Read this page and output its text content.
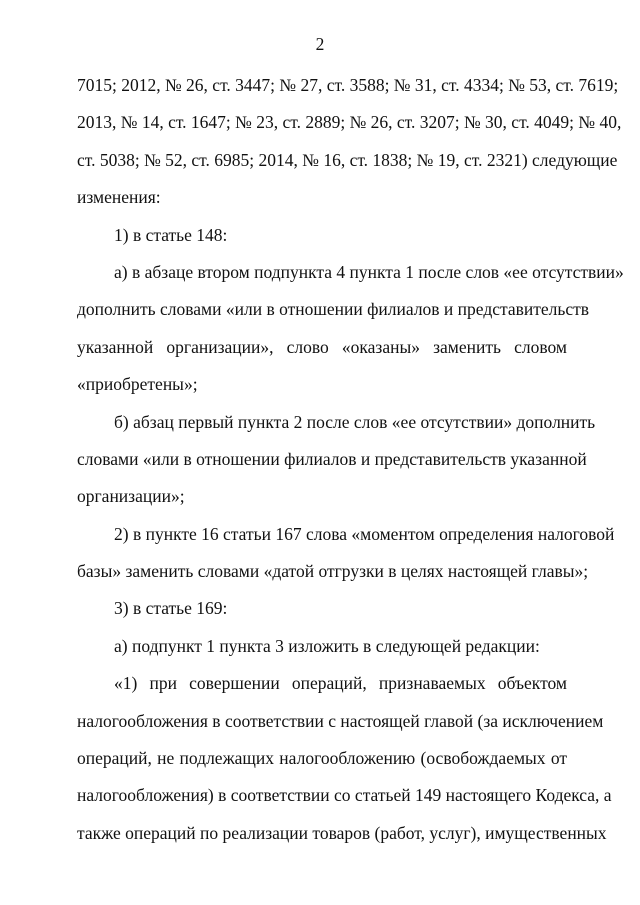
2
7015; 2012, № 26, ст. 3447; № 27, ст. 3588; № 31, ст. 4334; № 53, ст. 7619;
2013, № 14, ст. 1647; № 23, ст. 2889; № 26, ст. 3207; № 30, ст. 4049; № 40,
ст. 5038; № 52, ст. 6985; 2014, № 16, ст. 1838; № 19, ст. 2321) следующие
изменения:
1) в статье 148:
а) в абзаце втором подпункта 4 пункта 1 после слов «ее отсутствии»
дополнить словами «или в отношении филиалов и представительств
указанной организации», слово «оказаны» заменить словом
«приобретены»;
б) абзац первый пункта 2 после слов «ее отсутствии» дополнить
словами «или в отношении филиалов и представительств указанной
организации»;
2) в пункте 16 статьи 167 слова «моментом определения налоговой
базы» заменить словами «датой отгрузки в целях настоящей главы»;
3) в статье 169:
а) подпункт 1 пункта 3 изложить в следующей редакции:
«1) при совершении операций, признаваемых объектом
налогообложения в соответствии с настоящей главой (за исключением
операций, не подлежащих налогообложению (освобождаемых от
налогообложения) в соответствии со статьей 149 настоящего Кодекса, а
также операций по реализации товаров (работ, услуг), имущественных
